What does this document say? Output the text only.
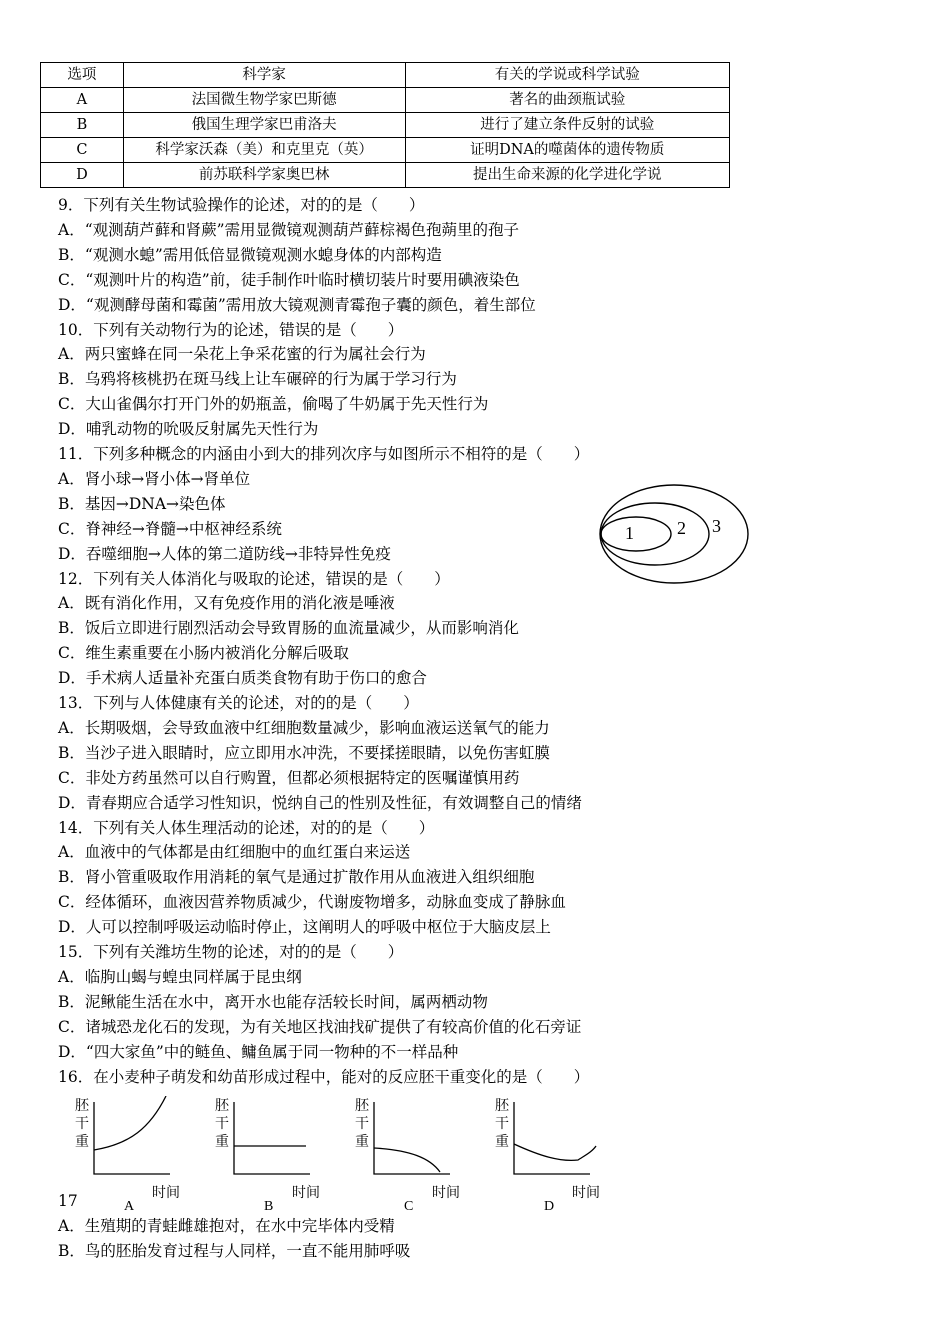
选项	科学家	有关的学说或科学试验
A	法国微生物学家巴斯德	著名的曲颈瓶试验
B	俄国生理学家巴甫洛夫	进行了建立条件反射的试验
C	科学家沃森（美）和克里克（英）	证明DNA的噬菌体的遗传物质
D	前苏联科学家奥巴林	提出生命来源的化学进化学说
9．下列有关生物试验操作的论述，对的的是（　　）
A．“观测葫芦藓和肾蕨”需用显微镜观测葫芦藓棕褐色孢蒴里的孢子
B．“观测水螅”需用低倍显微镜观测水螅身体的内部构造
C．“观测叶片的构造”前，徒手制作叶临时横切装片时要用碘液染色
D．“观测酵母菌和霉菌”需用放大镜观测青霉孢子囊的颜色，着生部位
10．下列有关动物行为的论述，错误的是（　　）
A．两只蜜蜂在同一朵花上争采花蜜的行为属社会行为
B．乌鸦将核桃扔在斑马线上让车碾碎的行为属于学习行为
C．大山雀偶尔打开门外的奶瓶盖，偷喝了牛奶属于先天性行为
D．哺乳动物的吮吸反射属先天性行为
11．下列多种概念的内涵由小到大的排列次序与如图所示不相符的是（　　）
A．肾小球→肾小体→肾单位
B．基因→DNA→染色体
C．脊神经→脊髓→中枢神经系统
D．吞噬细胞→人体的第二道防线→非特异性免疫
12．下列有关人体消化与吸取的论述，错误的是（　　）
A．既有消化作用，又有免疫作用的消化液是唾液
B．饭后立即进行剧烈活动会导致胃肠的血流量减少，从而影响消化
C．维生素重要在小肠内被消化分解后吸取
D．手术病人适量补充蛋白质类食物有助于伤口的愈合
13．下列与人体健康有关的论述，对的的是（　　）
A．长期吸烟，会导致血液中红细胞数量减少，影响血液运送氧气的能力
B．当沙子进入眼睛时，应立即用水冲洗，不要揉搓眼睛，以免伤害虹膜
C．非处方药虽然可以自行购置，但都必须根据特定的医嘱谨慎用药
D．青春期应合适学习性知识，悦纳自己的性别及性征，有效调整自己的情绪
14．下列有关人体生理活动的论述，对的的是（　　）
A．血液中的气体都是由红细胞中的血红蛋白来运送
B．肾小管重吸取作用消耗的氧气是通过扩散作用从血液进入组织细胞
C．经体循环，血液因营养物质减少，代谢废物增多，动脉血变成了静脉血
D．人可以控制呼吸运动临时停止，这阐明人的呼吸中枢位于大脑皮层上
15．下列有关潍坊生物的论述，对的的是（　　）
A．临朐山蝎与蝗虫同样属于昆虫纲
B．泥鳅能生活在水中，离开水也能存活较长时间，属两栖动物
C．诸城恐龙化石的发现，为有关地区找油找矿提供了有较高价值的化石旁证
D．“四大家鱼”中的鲢鱼、鳙鱼属于同一物种的不一样品种
16．在小麦种子萌发和幼苗形成过程中，能对的反应胚干重变化的是（　　）
1 2 3
胚
干
重
时间
A
胚
干
重
时间
B
胚
干
重
时间
C
胚
干
重
时间
D
17
A．生殖期的青蛙雌雄抱对，在水中完毕体内受精
B．鸟的胚胎发育过程与人同样，一直不能用肺呼吸
